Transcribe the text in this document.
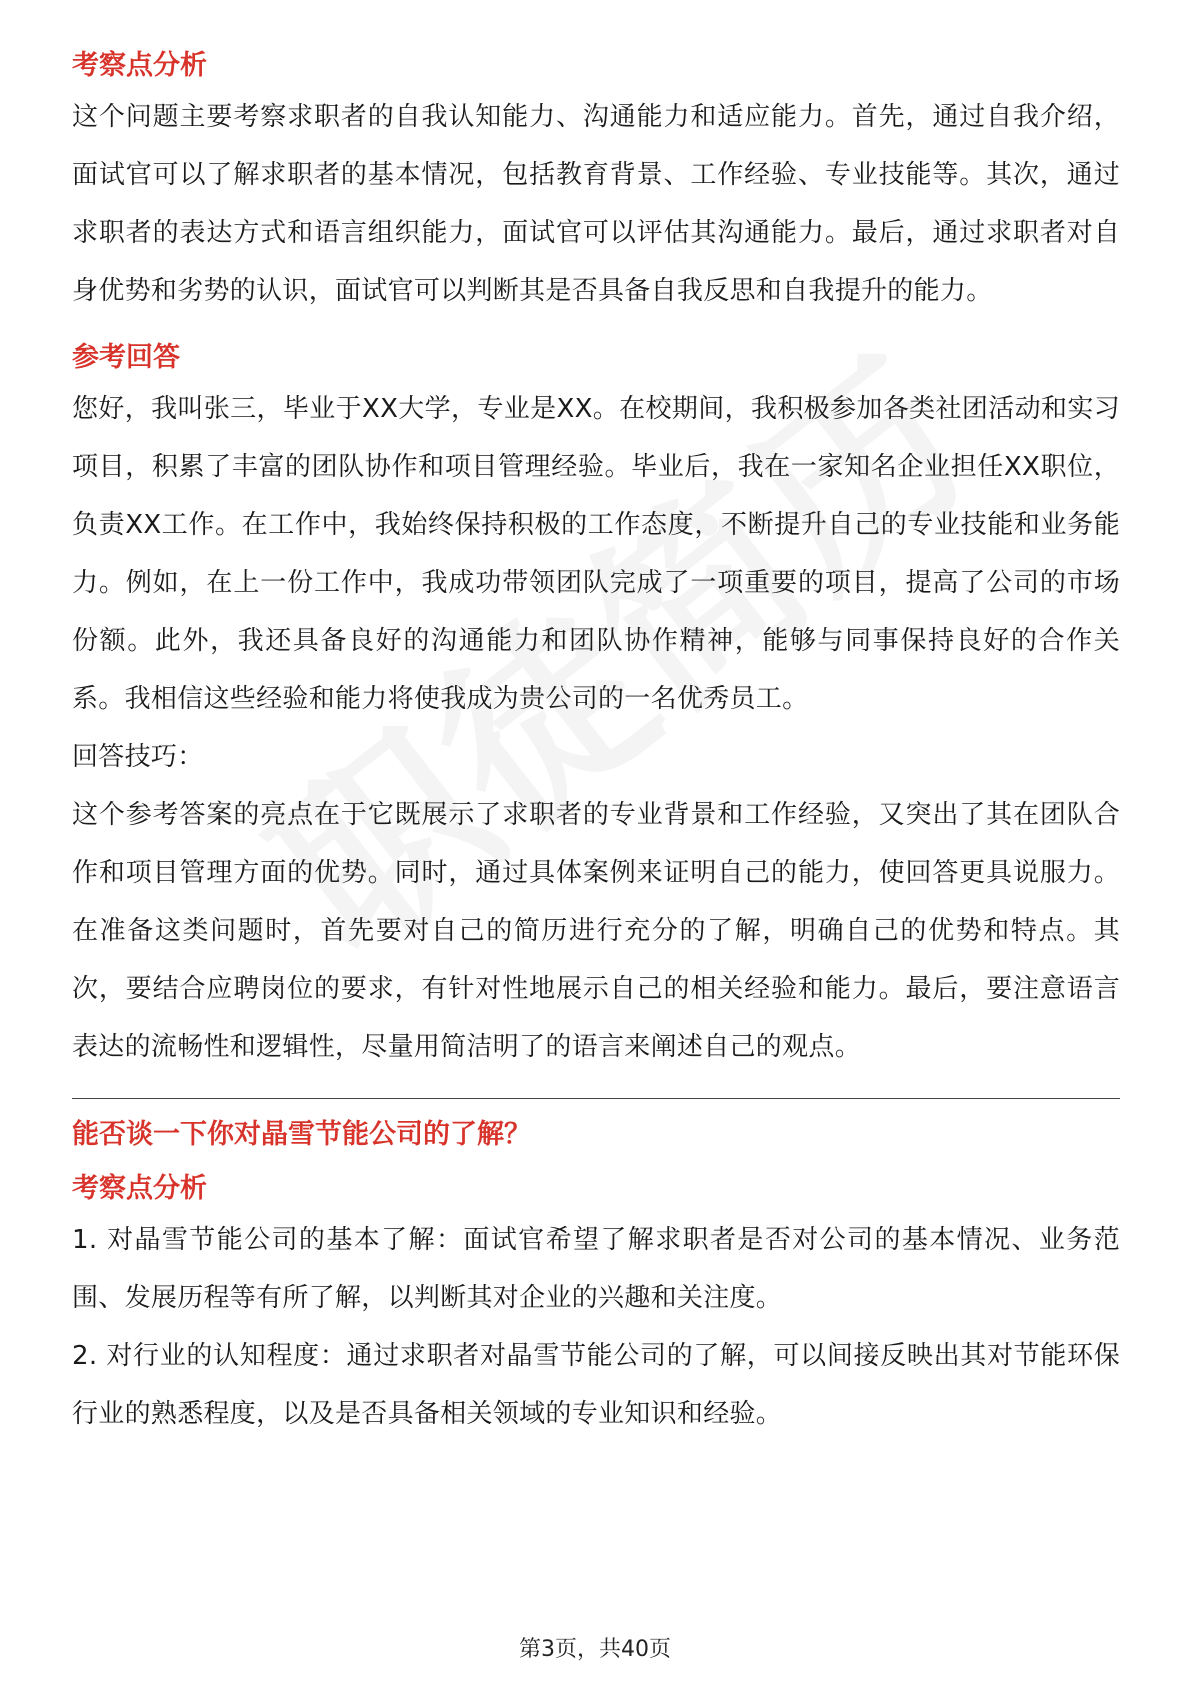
考察点分析

这个问题主要考察求职者的自我认知能力、沟通能力和适应能力。首先，通过自我介绍，面试官可以了解求职者的基本情况，包括教育背景、工作经验、专业技能等。其次，通过求职者的表达方式和语言组织能力，面试官可以评估其沟通能力。最后，通过求职者对自身优势和劣势的认识，面试官可以判断其是否具备自我反思和自我提升的能力。

参考回答

您好，我叫张三，毕业于XX大学，专业是XX。在校期间，我积极参加各类社团活动和实习项目，积累了丰富的团队协作和项目管理经验。毕业后，我在一家知名企业担任XX职位，负责XX工作。在工作中，我始终保持积极的工作态度，不断提升自己的专业技能和业务能力。例如，在上一份工作中，我成功带领团队完成了一项重要的项目，提高了公司的市场份额。此外，我还具备良好的沟通能力和团队协作精神，能够与同事保持良好的合作关系。我相信这些经验和能力将使我成为贵公司的一名优秀员工。

回答技巧：

这个参考答案的亮点在于它既展示了求职者的专业背景和工作经验，又突出了其在团队合作和项目管理方面的优势。同时，通过具体案例来证明自己的能力，使回答更具说服力。在准备这类问题时，首先要对自己的简历进行充分的了解，明确自己的优势和特点。其次，要结合应聘岗位的要求，有针对性地展示自己的相关经验和能力。最后，要注意语言表达的流畅性和逻辑性，尽量用简洁明了的语言来阐述自己的观点。

能否谈一下你对晶雪节能公司的了解？
考察点分析

1. 对晶雪节能公司的基本了解：面试官希望了解求职者是否对公司的基本情况、业务范围、发展历程等有所了解，以判断其对企业的兴趣和关注度。

2. 对行业的认知程度：通过求职者对晶雪节能公司的了解，可以间接反映出其对节能环保行业的熟悉程度，以及是否具备相关领域的专业知识和经验。

第3页，共40页
